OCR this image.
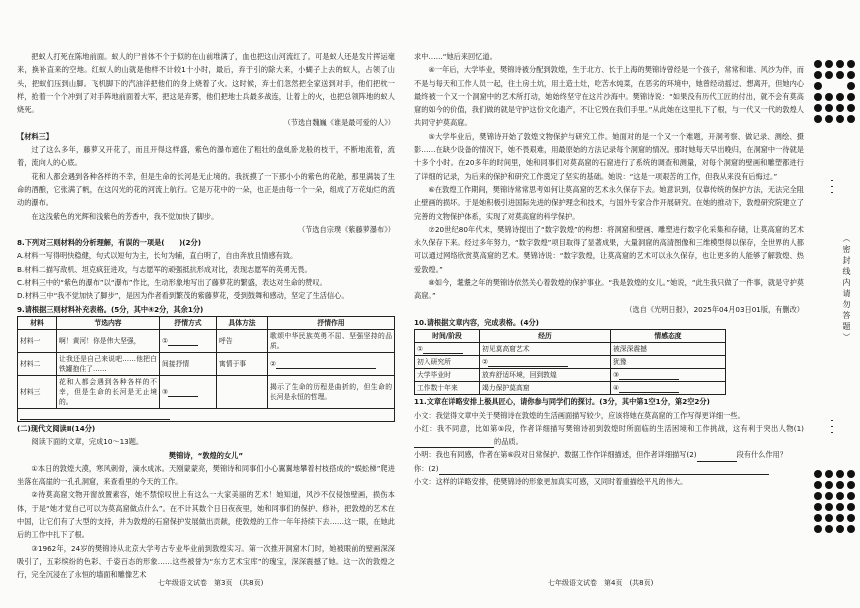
把蚁人打死在陈地前面。蚁人的尸首体不个于似的在山前堆满了，血也把这山河流红了。可是蚁人还是发片挥运毫来，换补直来的空地。红蚁人的山就是他样不计较1十小时，最后，弃于引的除大来，小蝴子上去的蚁人，占领了山头，把蚁们压到山脚。飞机脚下的汽油洋把他们的身上烧着了火。这时候，弃士们忽然把全家送到对手，他们把枕一样，抢着一个个冲到了对手阵地前面着大军，把这是弃雾，他们把地士兵最多战连，让着上的火，也把总领阵地的蚁人烧死。

（节选自魏巍《谁是最可爱的人》）

【材料三】

过了这么多年，藤萝又开花了，而且开得这样盛，紫色的瀑布遮住了粗壮的盘虬卧龙般的枝干，不断地流着，流着，流向人的心底。

花和人都会遇到各种各样的不幸，但是生命的长河是无止境的。我抚摸了一下那小小的紫色的花舱，那里满装了生命的酒酿，它张满了帆，在这闪光的花的河流上航行。它是万花中的一朵，也正是由每一个一朵，组成了万花灿烂的流动的瀑布。

在这浅紫色的光辉和浅紫色的芳香中，我不觉加快了脚步。

（节选自宗璞《紫藤萝瀑布》）

8.下列对三则材料的分析理解，有误的一项是(　　)(2分)

A.材料一写得明快稳健，句式以短句为主，长句为辅，直白明了，自由奔放且情感有致。

B.材料二描写敌机、坦克疯狂进攻，与志愿军的顽强抵抗形成对比，表现志愿军的英勇无畏。

C.材料三中的“紫色的瀑布”以“瀑布”作比，生动形象地写出了藤萝花的繁盛，表达对生命的赞叹。

D.材料三中“我不觉加快了脚步”，是因为作者看到繁茂的紫藤萝花，受到鼓舞和感动，坚定了生活信心。

9.请根据三则材料补充表格。(5分，其中④2分，其余1分)

材料	节选内容	抒情方式	具体方法	抒情作用
材料一	啊！黄河！你是伟大坚强，	①	呼告	歌颂中华民族英勇不屈、坚强坚持的品质。
材料二	让我还是自己来说吧……他把白铁罐抱住了……	间接抒情	寓情于事	②
材料三	花和人都会遇到各种各样的不幸，但是生命的长河是无止境的。	③		揭示了生命的历程是曲折的，但生命的长河是永恒的哲理。

(二)现代文阅读Ⅱ(14分)

阅读下面的文章，完成10～13题。

樊锦诗，“敦煌的女儿”

①本日的敦煌大漠，寒风刺骨，滴水成冰。天刚蒙蒙亮，樊锦诗和同事们小心翼翼地攀着村枝搭成的“蜈蚣梯”爬进坐落在高崖的一孔孔洞窟，来查看里的今天的工作。

②待莫高窟文物开窗放置素容，她不禁惊叹世上有这么一大家美丽的艺术！她知道，风沙不仅侵蚀壁画，损伤本体，于是“她才觉自己可以为莫高窟做点什么”。在不计其数个日日夜夜里，她和同事们的保护、修补，把敦煌的艺术在中国，让它们有了大型的支持，并为敦煌的石窟保护发展做出贡献，使敦煌的工作一年年持续下去……这一眼，在她此后的工作中扎下了根。

③1962年，24岁的樊锦诗从北京大学考古专业毕业前到敦煌实习。第一次推开洞窟木门时，她被眼前的壁画深深吸引了，五彩缤纷的色彩、千姿百态的形象……这些被誉为“东方艺术宝库”的瑰宝，深深震撼了她。这一次的敦煌之行，完全沉浸在了永恒的墙面和雕像艺术

求中……“她后来回忆道。

④一年后，大学毕业，樊锦诗被分配到敦煌，生于北方、长于上海的樊锦诗曾经是一个孩子，常常和谁、风沙为伴，而不是与每天和工作人员一起，住土房土炕，用土造土灶，吃苦水炖菜，在恶劣的环境中，她曾经动摇过、想离开，但她内心最终被一个又一个洞窟中的艺术所打动，她始终坚守在这片沙海中。樊锦诗说：“如果没有历代工匠的付出，就不会有莫高窟的如今的价值，我们做的就是守护这份文化遗产，不让它毁在我们手里。”从此她在这里扎下了根，与一代又一代的敦煌人共同守护莫高窟。

⑤大学毕业后，樊锦诗开始了敦煌文物保护与研究工作。她面对的是一个又一个难题，开洞考察、做记录、测绘、摄影……在缺少设备的情况下，她不畏艰难，用最原始的方法记录每个洞窟的情况。那时她每天早出晚归，在洞窟中一待就是十多个小时。在20多年的时间里，她和同事们对莫高窟的石窟进行了系统的调查和测量，对每个洞窟的壁画和雕塑都进行了详细的记录，为后来的保护和研究工作奠定了坚实的基础。她说：“这是一项艰苦的工作，但我从来没有后悔过。”

⑥在敦煌工作期间，樊锦诗常常思考如何让莫高窟的艺术永久保存下去。她意识到，仅靠传统的保护方法，无法完全阻止壁画的损坏。于是她积极引进国际先进的保护理念和技术，与国外专家合作开展研究。在她的推动下，敦煌研究院建立了完善的文物保护体系，实现了对莫高窟的科学保护。

⑦20世纪80年代末，樊锦诗提出了“数字敦煌”的构想：将洞窟和壁画、雕塑进行数字化采集和存储，让莫高窟的艺术永久保存下来。经过多年努力，“数字敦煌”项目取得了显著成果，大量洞窟的高清图像和三维模型得以保存，全世界的人都可以通过网络欣赏莫高窟的艺术。樊锦诗说：“数字敦煌，让莫高窟的艺术可以永久保存，也让更多的人能够了解敦煌、热爱敦煌。”

⑧如今，耄耋之年的樊锦诗依然关心着敦煌的保护事业。“我是敦煌的女儿。”她说，“此生我只做了一件事，就是守护莫高窟。”

（选自《光明日报》，2025年04月03日01版，有删改）

10.请根据文章内容，完成表格。(4分)

时间/阶段	经历	情感态度
①	初见莫高窟艺术	被深深震撼
初入研究所	②	犹豫
大学毕业时	放弃舒适环境，回到敦煌	③
工作数十年来	竭力保护莫高窟	④

11.文章在详略安排上极具匠心，请你参与同学们的探讨。(3分，其中第1空1分，第2空2分)

小文：我觉得文章中关于樊锦诗在敦煌的生活画面描写较少，应该将她在莫高窟的工作写得更详细一些。

小红：我不同意，比如第⑤段，作者详细描写樊锦诗初到敦煌时所面临的生活困境和工作挑战，这有利于突出人物(1)的品质。

小明：我也有同感，作者在第⑥段对日常保护、数据工作作详细描述，但作者详细描写(2)	段有什么作用？

你：(2)

小文：这样的详略安排，使樊锦诗的形象更加真实可感，又同时着重描绘平凡的伟大。

七年级语文试卷　第3页　(共8页)	七年级语文试卷　第4页　(共8页)
（密封线内请勿答题）
